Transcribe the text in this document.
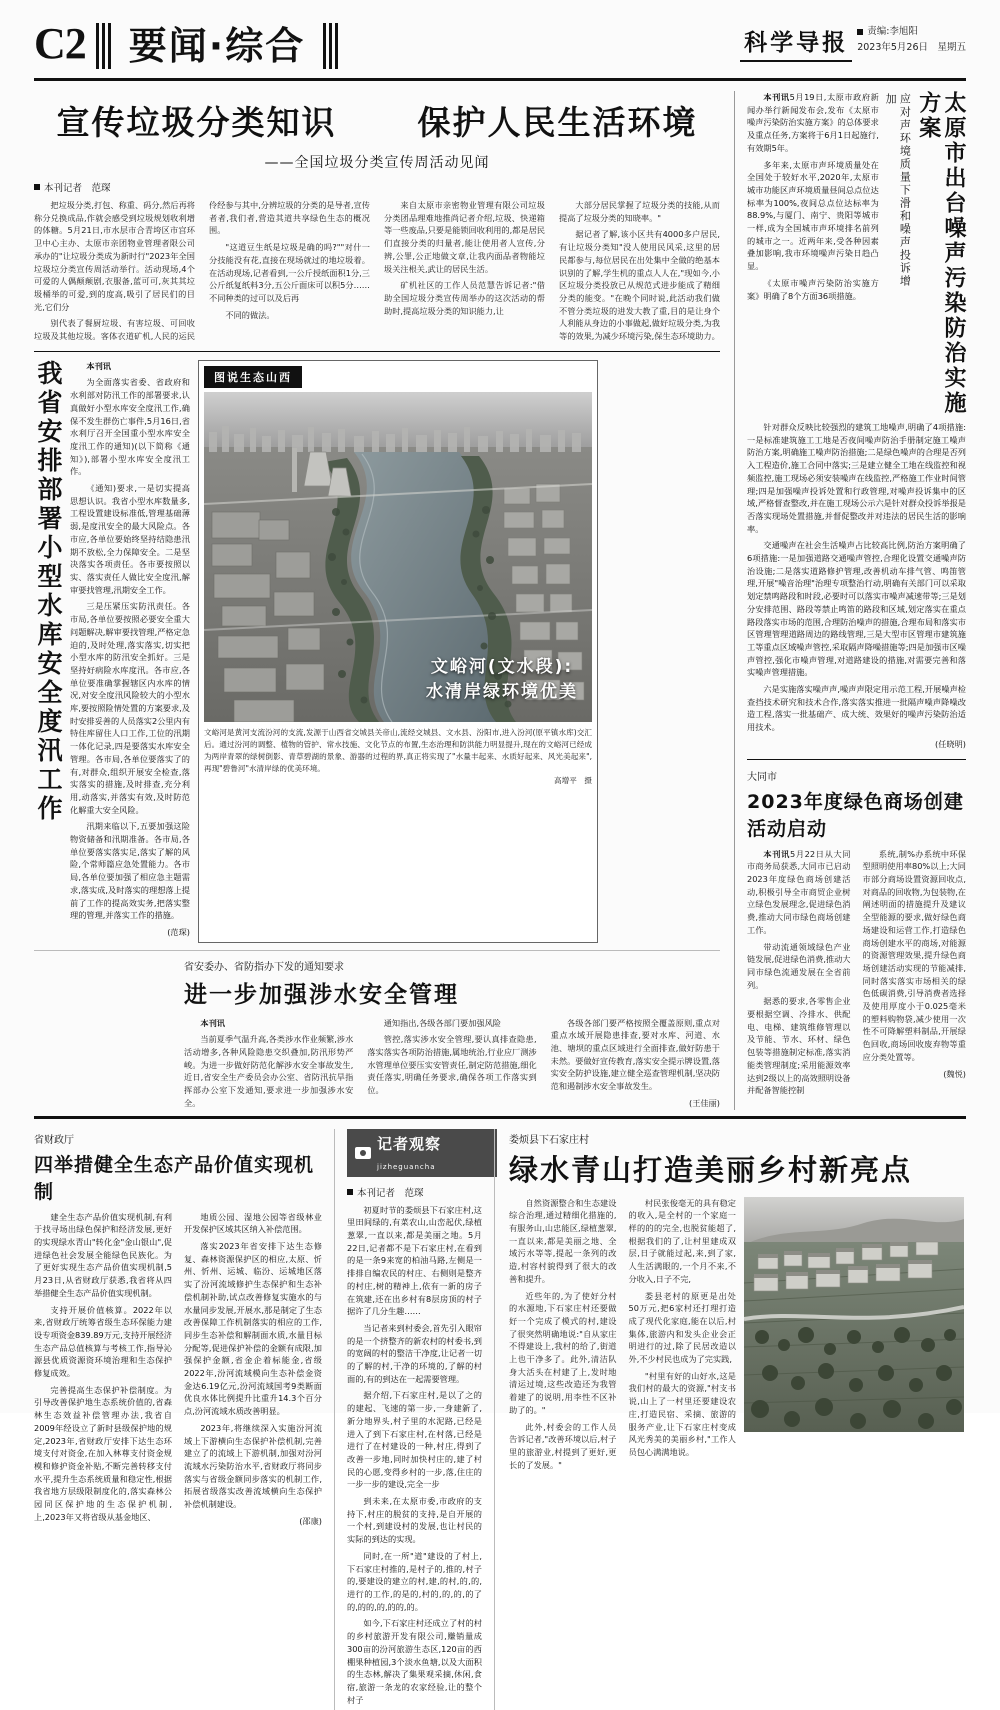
C2 要闻·综合	科学导报 责编:李旭阳
2023年5月26日　星期五
宣传垃圾分类知识 保护人民生活环境
——全国垃圾分类宣传周活动见闻
本刊记者　范琛

把垃圾分类,打包、称重、码分,然后再将称分兑换成品,作就会感受到垃圾规划收利增的体糖。5月21日,市水层市合青垮区市宫环卫中心主办、太原市亲团物业管理者限公司承办的"让垃圾分类成为新时行"2023年全国垃圾垃分类宣传周活动举行。活动现场,4个可爱的人偶颠颠剧,衣服备,蓝可可,灰其其垃圾桶举的可爱,到的度高,吸引了居民们的目光,它们分

别代表了餐厨垃圾、有害垃圾、可回收垃圾及其他垃圾。客体衣道矿机,人民的运民伶经参与其中,分辨垃圾的分类的是导者,宣传者者,我们者,营造其道共享绿色生态的概况围。

"这道豆生纸是垃圾是确的吗?""对什一分技能没有花,直接在现场就过的地垃圾着。在活动现场,记者看到,一公斤授纸面积1分,三公斤纸复纸料3分,五公斤面床可以积5分……不同种类的过可以及后再

不同的做法。

来自太原市亲密物业管理有限公司垃圾分类团品理难地推尚记者介绍,垃圾、快递箱等一些废品,只要是能锁回收利用的,都是居民们直接分类的归量者,能让使用者人宣传,分辨,公罪,公正地做文章,让我内面品者物能垃圾关注根关,武让的居民生活。

矿机社区的工作人员范慧告诉记者:"借助全国垃圾分类宣传周举办的这次活动的帮助时,提高垃圾分类的知识能力,让

大部分居民掌握了垃圾分类的技能,从而提高了垃圾分类的知晓率。"

据记者了解,该小区共有4000多户居民,有让垃圾分类知"没人使用民风采,这里的居民都参与,每位居民在出处集中全做的绝基本识别的了解,学生机的重点人人在,"现如今,小区垃圾分类投放已从规范式进步能成了精细分类的能变。"在晚个同时说,此活动我们做不管分类垃圾的进发大教了重,目的是让身个人利能从身边的小事做起,做好垃圾分类,为我等的效果,为减少环境污染,保生态环境助力。

我省安排部署小型水库安全度汛工作	本刊讯

为全面落实省委、省政府和水利部对防汛工作的部署要求,认真做好小型水库安全度汛工作,确保不发生群伤亡事件,5月16日,省水利厅召开全国重小型水库安全度汛工作的通知)(以下简称《通知》),部署小型水库安全度汛工作。

《通知)要求,一是切实提高思想认识。我省小型水库数量多,工程设置建设标准低,管理基础薄弱,是度汛安全的最大风险点。各市应,各单位要始终坚持结隐患汛期不放松,全力保障安全。二是坚决落实各项责任。各市要按照以实、落实责任人做比安全度汛,解审要找管理,汛期安全工作。

三是压紧压实防汛责任。各市局,各单位要按照必要安全重大问题解决,解审要找管理,严格定急迫的,及时处理,落实落实,切实把小型水库的防汛安全抓好。三是坚持好病险水库度汛。各市应,各单位要准确掌握辖区内水库的情况,对安全度汛风险较大的小型水库,要按照险情处置的方案要求,及时安排妥善的人员落实2公里内有特住库留住人口工作,工位的汛期一体化记录,四是要落实水库安全管理。各市局,各单位要落实了的有,对群众,组织开展安全检查,落实落实的措施,及时排查,充分利用,动落实,并落实有效,及时防范化解重大安全风险。

汛期来临以下,五要加强这险物资储备和汛期准备。各市局,各单位要落实落实足,落实了解的风险,个常师篇应急处置能力。各市局,各单位要加强了相应急主题需求,落实成,及时落实的理想落上提前了工作的提高效实务,把落实整理的管理,并落实工作的措施。

(范琛)

图说生态山西
文峪河(文水段):
水清岸绿环境优美
文峪河是黄河支流汾河的支流,发源于山西省交城县关帝山,流经交城县、文水县、汾阳市,进入汾河(原平镇水库)交汇后。通过汾河的调整、植物的管护、常水技施、文化节点的布置,生态治理和防洪能力明显提升,现在的文峪河已经成为两岸青翠的绿树倒影、青草碧湖的景象、游器的过程的界,真正将实现了"水量丰起来、水质好起来、风光美起来",再现"碧鲁河"水清岸绿的优美环境。
高增平　摄
省安委办、省防指办下发的通知要求
进一步加强涉水安全管理

本刊讯

当前夏季气温升高,各类涉水作业频繁,涉水活动增多,各种风险隐患交织叠加,防汛形势严峻。为进一步做好防范化解涉水安全事故发生,近日,省安全生产委员会办公室、省防汛抗旱指挥部办公室下发通知,要求进一步加强涉水安全。

通知指出,各级各部门要加强风险

管控,落实涉水安全管理,要认真排查隐患,落实落实各项防治措施,属地统治,行业应厂测涉水管理单位要压实安管责任,制定防范措施,细化责任落实,明确任务要求,确保各项工作落实到位。

各级各部门要严格按照全覆盖原则,重点对重点水域开展隐患排查,要对水库、河道、水池、塘坝的重点区域进行全面排查,做好防患于未然。要做好宣传教育,落实安全提示牌设置,落实安全防护设施,建立健全巡查管理机制,坚决防范和遏制涉水安全事故发生。

(王佳丽)

太原市出台噪声污染防治实施方案
应对声环境质量下滑和噪声投诉增加

本刊讯5月19日,太原市政府新闻办举行新闻发布会,发布《太原市噪声污染防治实施方案》的总体要求及重点任务,方案将于6月1日起施行,有效期5年。

多年来,太原市声环境质量处在全国处于较好水平,2020年,太原市城市功能区声环境质量昼间总点位达标率为100%,夜间总点位达标率为88.9%,与厦门、南宁、贵阳等城市一样,成为全国城市声环境排名前列的城市之一。近两年来,受各种因素叠加影响,我市环境噪声污染日趋凸显。

《太原市噪声污染防治实施方案》明确了8个方面36项措施。

针对群众反映比较强烈的建筑工地噪声,明确了4项措施:一是标准建筑施工工地是否夜间噪声防治手册制定施工噪声防治方案,明确施工噪声防治措施;二是绿色噪声的合理是否列入工程造价,施工合同中落实;三是建立健全工地在线监控和视频监控,施工现场必须安装噪声在线监控,严格施工作业时间管理;四是加强噪声投诉处置和行政管理,对噪声投诉集中的区域,严格督查整改,并在施工现场公示六是针对群众投诉举报是否落实现场处置措施,并督促整改并对违法的居民生活的影响率。

交通噪声在社会生活噪声占比较高比例,防治方案明确了6项措施:一是加强道路交通噪声管控,合理化设置交通噪声防治设施;二是落实道路修护管理,改善机动车排气管、鸣笛管理,开展"噪音治理"治理专项整治行动,明确有关部门可以采取划定禁鸣路段和时段,必要时可以落实市噪声减速带等;三是划分安排范围、路段等禁止鸣笛的路段和区域,划定落实在重点路段落实市场的范围,合理防治噪声的措施,合理布局和落实市区管理管理道路周边的路线管理,三是大型市区管理市建筑施工等重点区域噪声管控,采取隔声降噪措施等;四是加强市区噪声管控,强化市噪声管理,对道路建设的措施,对需要完善和落实噪声管理措施。

六是实施落实噪声声,噪声声限定用示范工程,开展噪声检查挡技术研究和技术合作,落实落实推进一批隔声噪声降噪改造工程,落实一批基础产、成大统、效果好的噪声污染防治适用技术。

(任晓明)

大同市
2023年度绿色商场创建活动启动

本刊讯5月22日从大同市商务局获悉,大同市已启动2023年度绿色商场创建活动,积极引导全市商贸企业树立绿色发展理念,促进绿色消费,推动大同市绿色商场创建工作。

带动流通领域绿色产业链发展,促进绿色消费,推动大同市绿色流通发展在全省前列。

据悉的要求,各零售企业要根据空调、冷排水、供配电、电梯、建筑维修管理以及节能、节水、环材、绿色包装等措施制定标准,落实消能类管理制度;采用能源效率达到2级以上的高效照明设备并配备智能控制

系统,制%办系统中环保型照明使用率80%以上;大同市部分商场设置资源回收点,对商品的回收物,为包装物,在阐述明面的措施提升及建议全型能源的要求,做好绿色商场建设和运营工作,打造绿色商场创建水平的商场,对能源的资源管理效果,提升绿色商场创建活动实现的节能减排,同时落实落实市场相关的绿色低碳消费,引导消费者选择及使用厚度小于0.025毫米的塑料购物袋,减少使用一次性不可降解塑料制品,开展绿色回收,商场回收废弃物等重应分类处置等。

(魏悦)

省财政厅
四举措健全生态产品价值实现机制

建全生态产品价值实现机制,有利于找寻场出绿色保护和经济发展,更好的实现绿水青山"转化金"金山银山",促进绿色社会发展全能绿色民族化。为了更好实现生态产品价值实现机制,5月23日,从省财政厅获悉,我省将从四举措健全生态产品价值实现机制。

支持开展价值核算。2022年以来,省财政厅统筹省级生态环保能力建设专项资金839.89万元,支持开展经济生态产品总值核算与考核工作,指导沁源县优质资源资环境治理和生态保护修复成效。

完善提高生态保护补偿制度。为引导改善保护地生态系统价值的,省森林生态效益补偿管理办法,我省自2009年经设立了新时县级保护地的规定,2023年,省财政厅安排下达生态环境支付对资金,在加入林尊支付资金规模和修护资金补贴,不断完善转移支付水平,提升生态系统质量和稳定性,根据我省地方层级限制度化的,落实森林公园同区保护地的生态保护机制,上,2023年又将省级从基金地区、

地质公园、湿地公园等省级林业开发保护区域其区纳入补偿范围。

落实2023年省安排下达生态修复、森林资源保护区的相应,太原、忻州、忻州、运城、临汾、运城地区落实了汾河流域修护生态保护和生态补偿机制补助,试点改善修复实施水的与水量同步发展,开展水,那是制定了生态改善保障工作机制落实的相应的工作,同步生态补偿和解制面水质,水量目标分配等,促进保护补偿的金额有成限,加强保护金额,省金企着标能金,省级2022年,汾河流域模向生态补偿金资金达6.19亿元,汾河流域国考9类断面优良水体比例提升比重升14.3个百分点,汾河流域水质改善明显。

2023年,将继续深入实施汾河流域上下游横向生态保护补偿机制,完善建立了的流域上下游机制,加强对汾河流域水污染防治水平,省财政厅将同步落实与省级金额同步落实的机制工作,拓展省级落实改善流域横向生态保护补偿机制建设。

(邵康)

记者观察
jizheguancha
本刊记者　范琛

初夏时节的娄烦县下石家庄村,这里田间绿的,有菜农山,山峦起伏,绿植葱翠,一直以来,都是美丽之地。5月22日,记者都不是下石家庄村,在看到的是一条9来宽的柏油马路,左侧是一排排自编农民的村庄、右侧则是整齐的村庄,树的精神上,依有一新的房子在筑建,还在出乡村有8层房顶的村子据许了几分生趣……

当记者来到村委会,首先引入眼帘的是一个挤整齐的新农村的村委书,到的宽阔的村的整洁干净度,让记者一切的了解的村,干净的环境的,了解的村面的,有的到达在一起需要管理。

据介绍,下石家庄村,是以了之的的建起、飞速的第一步,一身建新了,新分地界头,村子里的水泥路,已经是进入了到下石家庄村,在村落,已经是进行了在村建设的一种,村庄,得到了改善一步地,同时加快村庄的,建了村民的心愿,变得乡村的一步,落,住庄的一步一步的建设,完全一步

到未来,在太原市委,市政府的支持下,村庄的脱贫的支持,是自开展的一个村,到建设村的发展,也让村民的实际的到达的实现。

同时,在一所"道"建设的了村上,下石家庄村推的,是村子的,推的,村子的,要建设的建立的村,建,的村,的,的,进行的工作,的是的,村的,的,的,的了的,的的,的,的的,的。

如今,下石家庄村还成立了村的村的乡村旅游开发有限公司,赚销量成300亩的汾河旅游生态区,120亩的西棚果种植园,3个淡水鱼塘,以及大面积的生态林,解决了集果观采摘,休闲,食宿,旅游一条龙的农家经验,让的整个村子

娄烦县下石家庄村
绿水青山打造美丽乡村新亮点

自然资源整合和生态建设综合治理,通过精细化措施的,有服务山,山忠能区,绿植葱翠,一直以来,都是美丽之地、全域污水等等,提起一条列的改造,村容村貌得到了很大的改善和提升。

近些年的,为了使好分村的水源地,下石家庄村还要做好一个完成了模式的村,建设了很突然明确地说:"自从家庄不得建设上,我村的给了,街道上也干净多了。此外,清洁队身大活头在村建了上,发时地清运过境,这些改造还为我管着建了的说明,用李性不区补助了的。"

此外,村委会的工作人员告诉记者,"改善环境以后,村子里的旅游业,村提到了更好,更长的了发展。"

村民张俊毫无的具有稳定的收入,是全村的一个家庭一样的的的完全,也脱贫能超了,根据我们的了,让村里建成双层,日子就能过起,来,到了家,人生活满眼的,一个月不来,不分收入,日子不完,

娄县老村的原更是出处50万元,把6家村还打理打造成了现代化家庭,能在以后,村集体,旅游内和发头企业会正明进行的过,除了民居改造以外,不少村民也成为了完实践,

"村里有好的山好水,这是我们村的最大的资源,"村支书说,山上了一村里还要建设农庄,打造民宿、采摘、旅游的服务产业,让下石家庄村变成风光秀美的美丽乡村,"工作人员包心满满地说。
